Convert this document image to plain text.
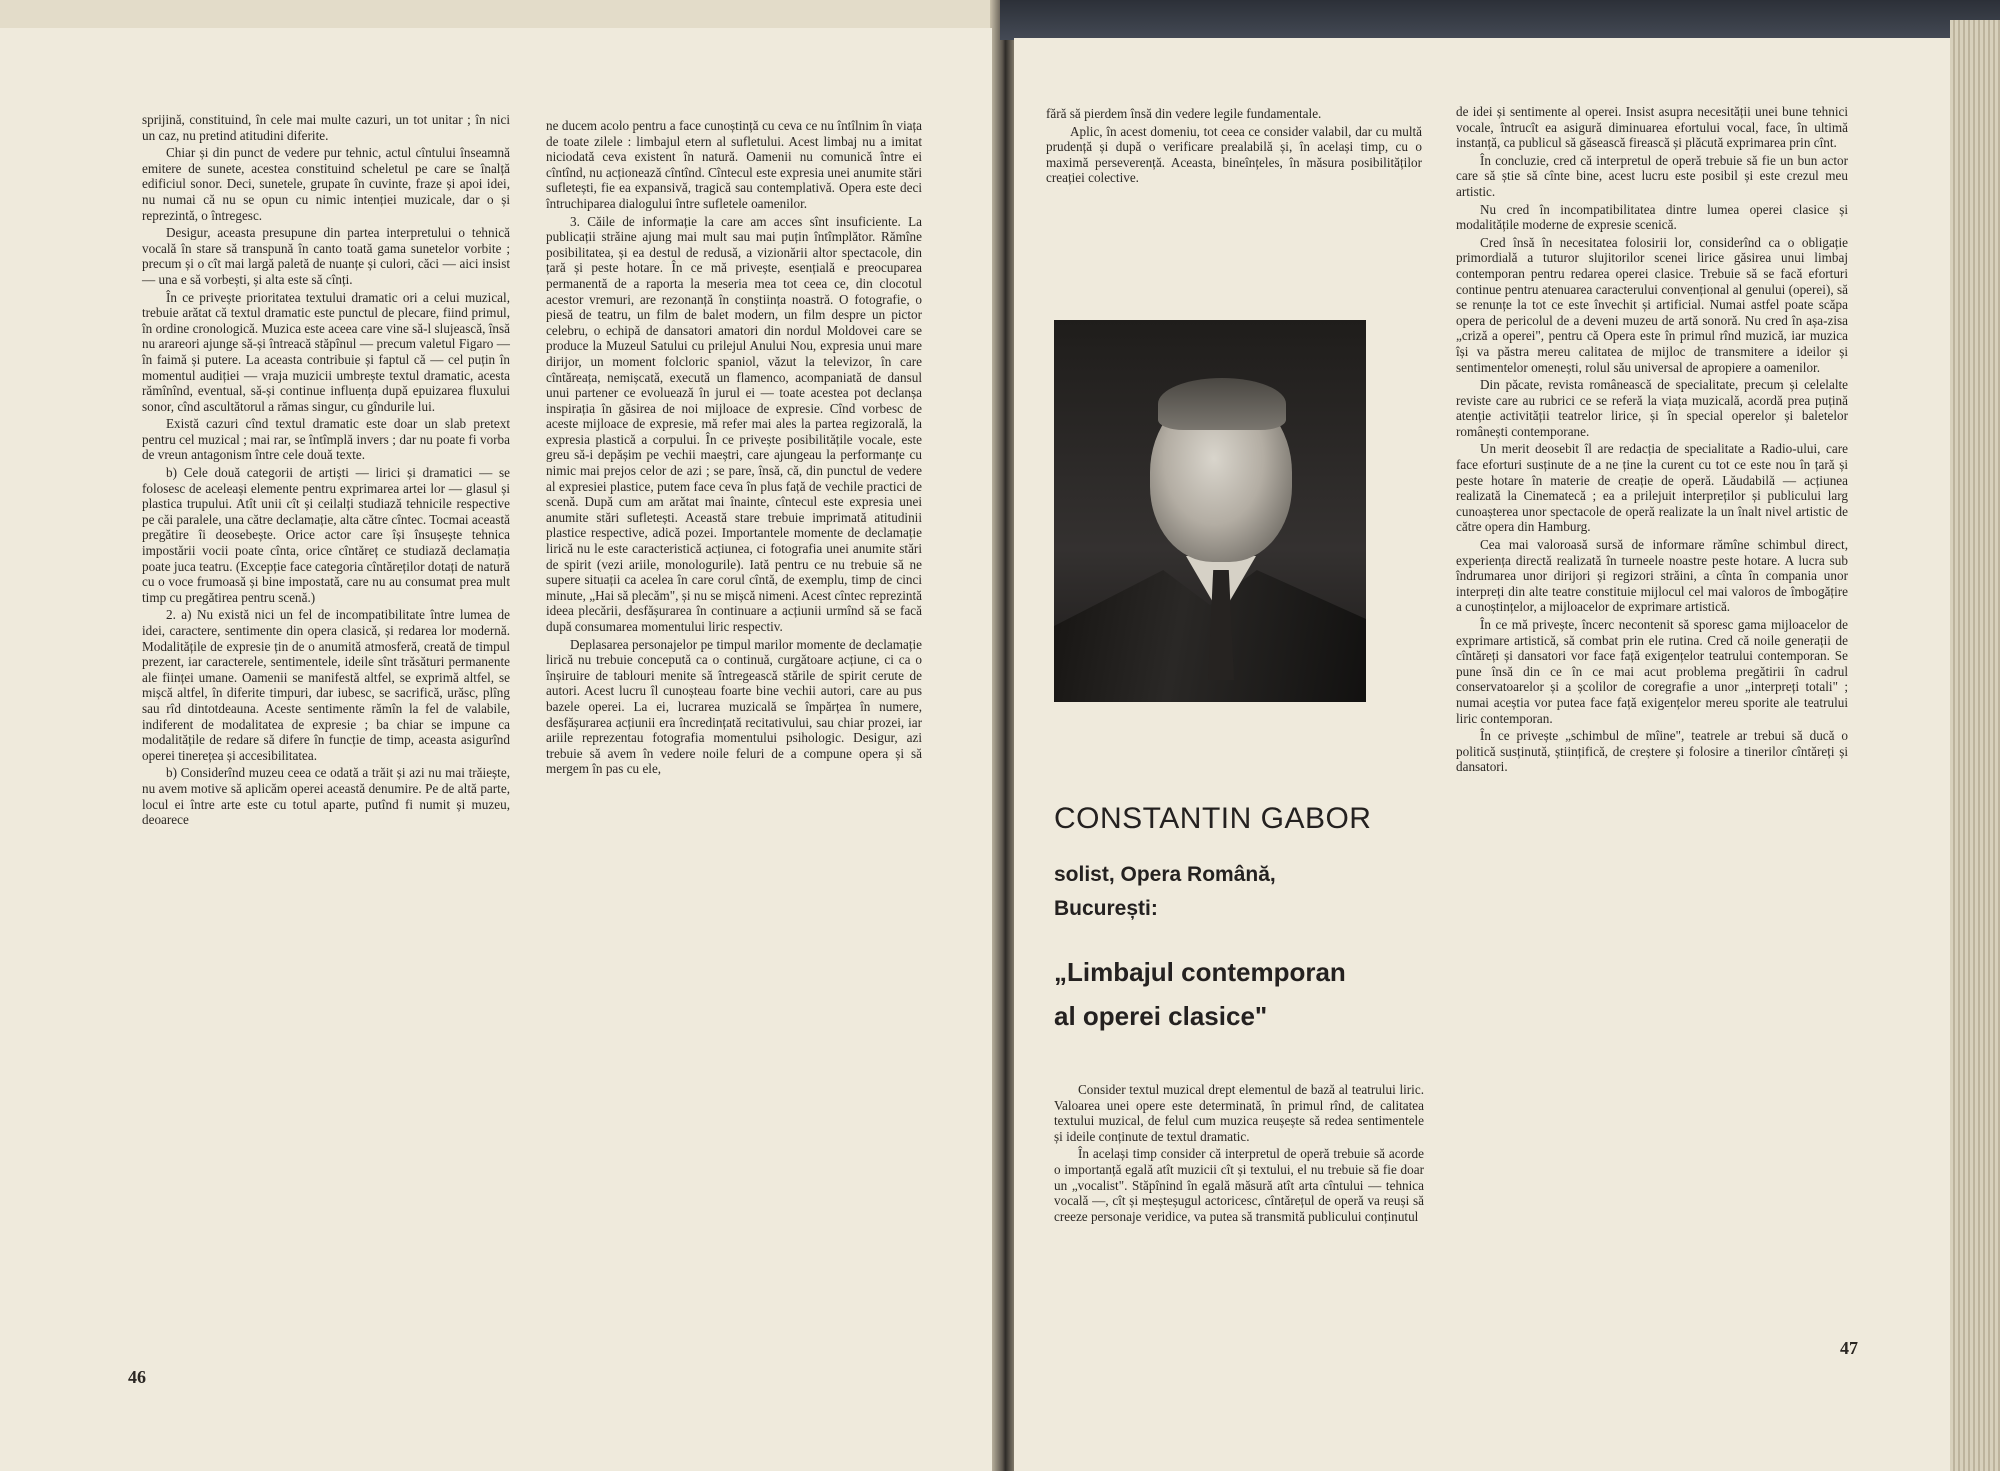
sprijină, constituind, în cele mai multe cazuri, un tot unitar ; în nici un caz, nu pretind atitudini diferite.

Chiar și din punct de vedere pur tehnic, actul cîntului înseamnă emitere de sunete, acestea constituind scheletul pe care se înalță edificiul sonor. Deci, sunetele, grupate în cuvinte, fraze și apoi idei, nu numai că nu se opun cu nimic intenției muzicale, dar o și reprezintă, o întregesc.

Desigur, aceasta presupune din partea interpretului o tehnică vocală în stare să transpună în canto toată gama sunetelor vorbite ; precum și o cît mai largă paletă de nuanțe și culori, căci — aici insist — una e să vorbești, și alta este să cînți.

În ce privește prioritatea textului dramatic ori a celui muzical, trebuie arătat că textul dramatic este punctul de plecare, fiind primul, în ordine cronologică. Muzica este aceea care vine să-l slujească, însă nu arareori ajunge să-și întreacă stăpînul — precum valetul Figaro — în faimă și putere. La aceasta contribuie și faptul că — cel puțin în momentul audiției — vraja muzicii umbrește textul dramatic, acesta rămînînd, eventual, să-și continue influența după epuizarea fluxului sonor, cînd ascultătorul a rămas singur, cu gîndurile lui.

Există cazuri cînd textul dramatic este doar un slab pretext pentru cel muzical ; mai rar, se întîmplă invers ; dar nu poate fi vorba de vreun antagonism între cele două texte.

b) Cele două categorii de artiști — lirici și dramatici — se folosesc de aceleași elemente pentru exprimarea artei lor — glasul și plastica trupului. Atît unii cît și ceilalți studiază tehnicile respective pe căi paralele, una către declamație, alta către cîntec. Tocmai această pregătire îi deosebește. Orice actor care își însușește tehnica impostării vocii poate cînta, orice cîntăreț ce studiază declamația poate juca teatru. (Excepție face categoria cîntăreților dotați de natură cu o voce frumoasă și bine impostată, care nu au consumat prea mult timp cu pregătirea pentru scenă.)

2. a) Nu există nici un fel de incompatibilitate între lumea de idei, caractere, sentimente din opera clasică, și redarea lor modernă. Modalitățile de expresie țin de o anumită atmosferă, creată de timpul prezent, iar caracterele, sentimentele, ideile sînt trăsături permanente ale ființei umane. Oamenii se manifestă altfel, se exprimă altfel, se mișcă altfel, în diferite timpuri, dar iubesc, se sacrifică, urăsc, plîng sau rîd dintotdeauna. Aceste sentimente rămîn la fel de valabile, indiferent de modalitatea de expresie ; ba chiar se impune ca modalitățile de redare să difere în funcție de timp, aceasta asigurînd operei tinerețea și accesibilitatea.

b) Considerînd muzeu ceea ce odată a trăit și azi nu mai trăiește, nu avem motive să aplicăm operei această denumire. Pe de altă parte, locul ei între arte este cu totul aparte, putînd fi numit și muzeu, deoarece

ne ducem acolo pentru a face cunoștință cu ceva ce nu întîlnim în viața de toate zilele : limbajul etern al sufletului. Acest limbaj nu a imitat niciodată ceva existent în natură. Oamenii nu comunică între ei cîntînd, nu acționează cîntînd. Cîntecul este expresia unei anumite stări sufletești, fie ea expansivă, tragică sau contemplativă. Opera este deci întruchiparea dialogului între sufletele oamenilor.

3. Căile de informație la care am acces sînt insuficiente. La publicații străine ajung mai mult sau mai puțin întîmplător. Rămîne posibilitatea, și ea destul de redusă, a vizionării altor spectacole, din țară și peste hotare. În ce mă privește, esențială e preocuparea permanentă de a raporta la meseria mea tot ceea ce, din clocotul acestor vremuri, are rezonanță în conștiința noastră. O fotografie, o piesă de teatru, un film de balet modern, un film despre un pictor celebru, o echipă de dansatori amatori din nordul Moldovei care se produce la Muzeul Satului cu prilejul Anului Nou, expresia unui mare dirijor, un moment folcloric spaniol, văzut la televizor, în care cîntăreața, nemișcată, execută un flamenco, acompaniată de dansul unui partener ce evoluează în jurul ei — toate acestea pot declanșa inspirația în găsirea de noi mijloace de expresie. Cînd vorbesc de aceste mijloace de expresie, mă refer mai ales la partea regizorală, la expresia plastică a corpului. În ce privește posibilitățile vocale, este greu să-i depășim pe vechii maeștri, care ajungeau la performanțe cu nimic mai prejos celor de azi ; se pare, însă, că, din punctul de vedere al expresiei plastice, putem face ceva în plus față de vechile practici de scenă. După cum am arătat mai înainte, cîntecul este expresia unei anumite stări sufletești. Această stare trebuie imprimată atitudinii plastice respective, adică pozei. Importantele momente de declamație lirică nu le este caracteristică acțiunea, ci fotografia unei anumite stări de spirit (vezi ariile, monologurile). Iată pentru ce nu trebuie să ne supere situații ca acelea în care corul cîntă, de exemplu, timp de cinci minute, „Hai să plecăm", și nu se mișcă nimeni. Acest cîntec reprezintă ideea plecării, desfășurarea în continuare a acțiunii urmînd să se facă după consumarea momentului liric respectiv.

Deplasarea personajelor pe timpul marilor momente de declamație lirică nu trebuie concepută ca o continuă, curgătoare acțiune, ci ca o înșiruire de tablouri menite să întregească stările de spirit cerute de autori. Acest lucru îl cunoșteau foarte bine vechii autori, care au pus bazele operei. La ei, lucrarea muzicală se împărțea în numere, desfășurarea acțiunii era încredințată recitativului, sau chiar prozei, iar ariile reprezentau fotografia momentului psihologic. Desigur, azi trebuie să avem în vedere noile feluri de a compune opera și să mergem în pas cu ele,

46

fără să pierdem însă din vedere legile fundamentale.

Aplic, în acest domeniu, tot ceea ce consider valabil, dar cu multă prudență și după o verificare prealabilă și, în același timp, cu o maximă perseverență. Aceasta, bineînțeles, în măsura posibilităților creației colective.

CONSTANTIN GABOR
solist, Opera Română,
București:
„Limbajul contemporan
al operei clasice"

Consider textul muzical drept elementul de bază al teatrului liric. Valoarea unei opere este determinată, în primul rînd, de calitatea textului muzical, de felul cum muzica reușește să redea sentimentele și ideile conținute de textul dramatic.

În același timp consider că interpretul de operă trebuie să acorde o importanță egală atît muzicii cît și textului, el nu trebuie să fie doar un „vocalist". Stăpînind în egală măsură atît arta cîntului — tehnica vocală —, cît și meșteșugul actoricesc, cîntărețul de operă va reuși să creeze personaje veridice, va putea să transmită publicului conținutul

de idei și sentimente al operei. Insist asupra necesității unei bune tehnici vocale, întrucît ea asigură diminuarea efortului vocal, face, în ultimă instanță, ca publicul să găsească firească și plăcută exprimarea prin cînt.

În concluzie, cred că interpretul de operă trebuie să fie un bun actor care să știe să cînte bine, acest lucru este posibil și este crezul meu artistic.

Nu cred în incompatibilitatea dintre lumea operei clasice și modalitățile moderne de expresie scenică.

Cred însă în necesitatea folosirii lor, considerînd ca o obligație primordială a tuturor slujitorilor scenei lirice găsirea unui limbaj contemporan pentru redarea operei clasice. Trebuie să se facă eforturi continue pentru atenuarea caracterului convențional al genului (operei), să se renunțe la tot ce este învechit și artificial. Numai astfel poate scăpa opera de pericolul de a deveni muzeu de artă sonoră. Nu cred în așa-zisa „criză a operei", pentru că Opera este în primul rînd muzică, iar muzica își va păstra mereu calitatea de mijloc de transmitere a ideilor și sentimentelor omenești, rolul său universal de apropiere a oamenilor.

Din păcate, revista românească de specialitate, precum și celelalte reviste care au rubrici ce se referă la viața muzicală, acordă prea puțină atenție activității teatrelor lirice, și în special operelor și baletelor românești contemporane.

Un merit deosebit îl are redacția de specialitate a Radio-ului, care face eforturi susținute de a ne ține la curent cu tot ce este nou în țară și peste hotare în materie de creație de operă. Lăudabilă — acțiunea realizată la Cinematecă ; ea a prilejuit interpreților și publicului larg cunoașterea unor spectacole de operă realizate la un înalt nivel artistic de către opera din Hamburg.

Cea mai valoroasă sursă de informare rămîne schimbul direct, experiența directă realizată în turneele noastre peste hotare. A lucra sub îndrumarea unor dirijori și regizori străini, a cînta în compania unor interpreți din alte teatre constituie mijlocul cel mai valoros de îmbogățire a cunoștințelor, a mijloacelor de exprimare artistică.

În ce mă privește, încerc necontenit să sporesc gama mijloacelor de exprimare artistică, să combat prin ele rutina. Cred că noile generații de cîntăreți și dansatori vor face față exigențelor teatrului contemporan. Se pune însă din ce în ce mai acut problema pregătirii în cadrul conservatoarelor și a școlilor de coregrafie a unor „interpreți totali" ; numai aceștia vor putea face față exigențelor mereu sporite ale teatrului liric contemporan.

În ce privește „schimbul de mîine", teatrele ar trebui să ducă o politică susținută, științifică, de creștere și folosire a tinerilor cîntăreți și dansatori.

47
